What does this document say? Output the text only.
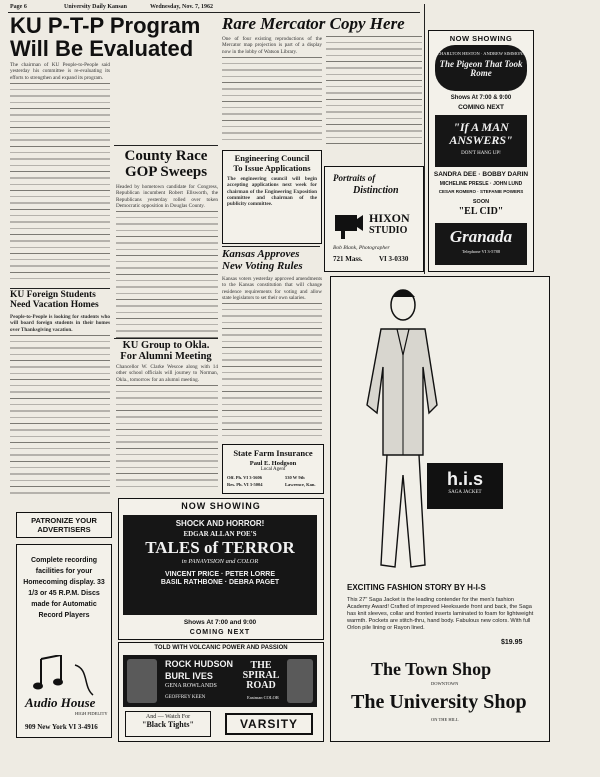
Page 6	University Daily Kansan	Wednesday, Nov. 7, 1962
KU P-T-P Program
Will Be Evaluated
The chairman of KU People-to-People said yesterday his committee is re-evaluating its efforts to strengthen and expand its program.
Rare Mercator Copy Here
One of four existing reproductions of the Mercator map projection is part of a display now in the lobby of Watson Library.
County Race
GOP Sweeps
Headed by hometown candidate for Congress, Republican incumbent Robert Ellsworth, the Republicans yesterday rolled over token Democratic opposition in Douglas County.
KU Foreign Students
Need Vacation Homes
People-to-People is looking for students who will board foreign students in their homes over Thanksgiving vacation.
KU Group to Okla.
For Alumni Meeting
Chancellor W. Clarke Wescoe along with 14 other school officials will journey to Norman, Okla., tomorrow for an alumni meeting.
Engineering Council
To Issue Applications
The engineering council will begin accepting applications next week for chairman of the Engineering Exposition committee and chairman of the publicity committee.
Portraits of
Distinction
HIXON
STUDIO
Bob Blank, Photographer
721 Mass. VI 3-0330
Kansas Approves
New Voting Rules
Kansas voters yesterday approved amendments to the Kansas constitution that will change residence requirements for voting and allow state legislators to set their own salaries.
State Farm Insurance
Paul E. Hodgson
Local Agent
Off. Ph. VI 3-5606
Res. Ph. VI 3-5004
530 W 9th
Lawrence, Kan.
PATRONIZE YOUR
ADVERTISERS
Complete recording facilities for your Homecoming display. 33 1/3 or 45 R.P.M. Discs made for Automatic Record Players
Audio House
HIGH FIDELITY
909 New York VI 3-4916
NOW SHOWING
SHOCK AND HORROR!
EDGAR ALLAN POE'S
TALES of TERROR
in PANAVISION and COLOR
VINCENT PRICE · PETER LORRE
BASIL RATHBONE · DEBRA PAGET
Shows At 7:00 and 9:00
COMING NEXT
TOLD WITH VOLCANIC POWER AND PASSION
ROCK HUDSON
BURL IVES
GENA ROWLANDS
THE SPIRAL ROAD
Eastman COLOR
GEOFFREY KEEN
And — Watch For
"Black Tights"	VARSITY
NOW SHOWING
CHARLTON HESTON · ANDREW SIMMONS
The Pigeon That Took Rome
Shows At 7:00 & 9:00
COMING NEXT
"If A MAN ANSWERS"
DON'T HANG UP!
SANDRA DEE · BOBBY DARIN
MICHELINE PRESLE · JOHN LUND
CESAR ROMERO · STEFANIE POWERS
SOON
"EL CID"
Granada
Telephone VI 3-5788
h.i.s
SAGA JACKET
EXCITING FASHION STORY BY H-I-S
This 27" Saga Jacket is the leading contender for the men's fashion Academy Award! Crafted of improved Heeksuede front and back, the Saga has knit sleeves, collar and fronted inserts laminated to foam for lightweight warmth. Pockets are stitch-thru, hand body. Fabulous new colors. With full Orlon pile lining or Rayon lined.
$19.95
The Town Shop
DOWNTOWN
The University Shop
ON THE HILL
